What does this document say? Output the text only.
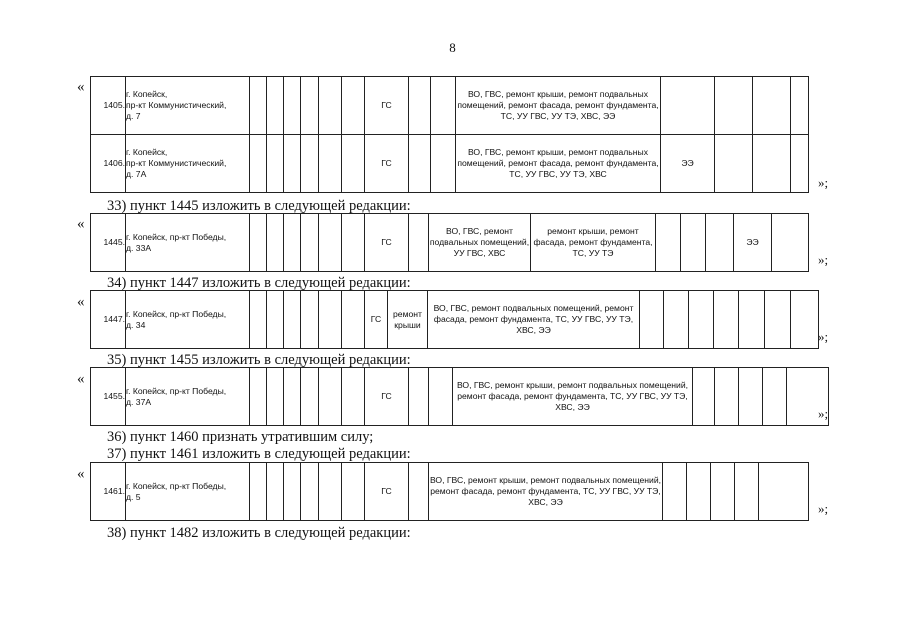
8
«
1405.	г. Копейск,
пр-кт Коммунистический,
д. 7							ГС			ВО, ГВС, ремонт крыши, ремонт подвальных помещений, ремонт фасада, ремонт фундамента, ТС, УУ ГВС, УУ ТЭ, ХВС, ЭЭ				
1406.	г. Копейск,
пр-кт Коммунистический,
д. 7А							ГС			ВО, ГВС, ремонт крыши, ремонт подвальных помещений, ремонт фасада, ремонт фундамента, ТС, УУ ГВС, УУ ТЭ, ХВС	ЭЭ			
»;
33) пункт 1445 изложить в следующей редакции:
«
1445.	г. Копейск, пр-кт Победы,
д. 33А							ГС		ВО, ГВС, ремонт подвальных помещений, УУ ГВС, ХВС	ремонт крыши, ремонт фасада, ремонт фундамента, ТС, УУ ТЭ				ЭЭ	
»;
34) пункт 1447 изложить в следующей редакции:
«
1447.	г. Копейск, пр-кт Победы,
д. 34							ГС	ремонт крыши	ВО, ГВС, ремонт подвальных помещений, ремонт фасада, ремонт фундамента, ТС, УУ ГВС, УУ ТЭ, ХВС, ЭЭ								»;
35) пункт 1455 изложить в следующей редакции:
«
1455.	г. Копейск, пр-кт Победы,
д. 37А							ГС			ВО, ГВС, ремонт крыши, ремонт подвальных помещений, ремонт фасада, ремонт фундамента, ТС, УУ ГВС, УУ ТЭ, ХВС, ЭЭ						»;
36) пункт 1460 признать утратившим силу;
37) пункт 1461 изложить в следующей редакции:
«
1461.	г. Копейск, пр-кт Победы,
д. 5							ГС		ВО, ГВС, ремонт крыши, ремонт подвальных помещений, ремонт фасада, ремонт фундамента, ТС, УУ ГВС, УУ ТЭ, ХВС, ЭЭ						»;
38) пункт 1482 изложить в следующей редакции:
